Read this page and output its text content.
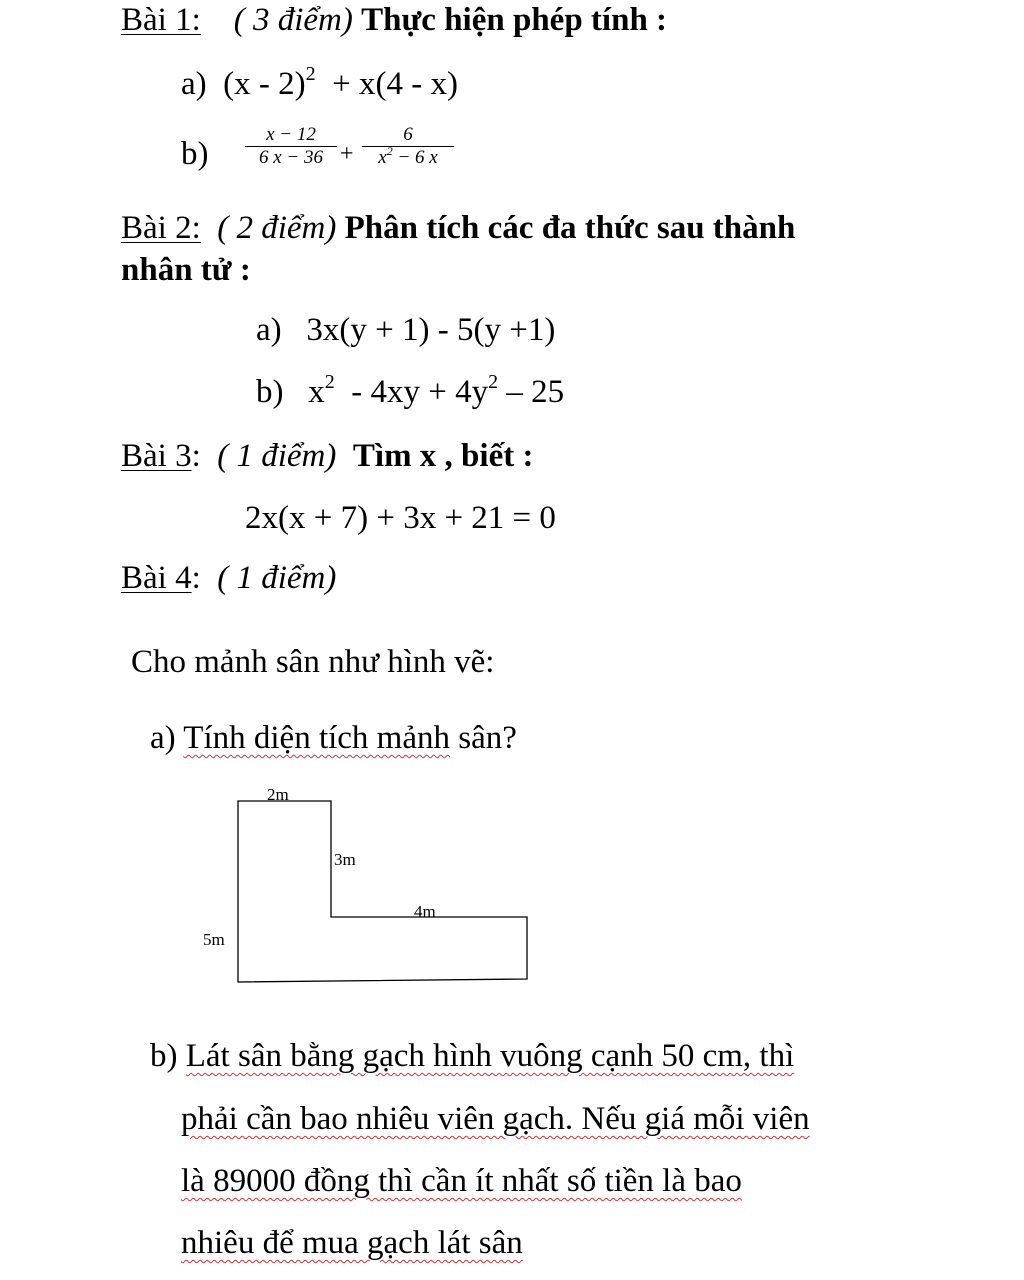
Bài 1: ( 3 điểm) Thực hiện phép tính :
a) (x - 2)$^2$ + x(4 - x)
b)
x − 12
6 x − 36 +
6
$x^2 - 6$ x
Bài 2: ( 2 điểm) Phân tích các đa thức sau thành
nhân tử :
a) 3x(y + 1) - 5(y +1)
b) $x^2 - 4xy + 4y^2 - 25$
Bài 3: ( 1 điểm) Tìm x , biết :
2x(x + 7) + 3x + 21 = 0
Bài 4: ( 1 điểm)
Cho mảnh sân như hình vẽ:
a) Tính diện tích mảnh sân?
2m
3m
4m
5m
b) Lát sân bằng gạch hình vuông cạnh 50 cm, thì
phải cần bao nhiêu viên gạch. Nếu giá mỗi viên
là 89000 đồng thì cần ít nhất số tiền là bao
nhiêu để mua gạch lát sân
